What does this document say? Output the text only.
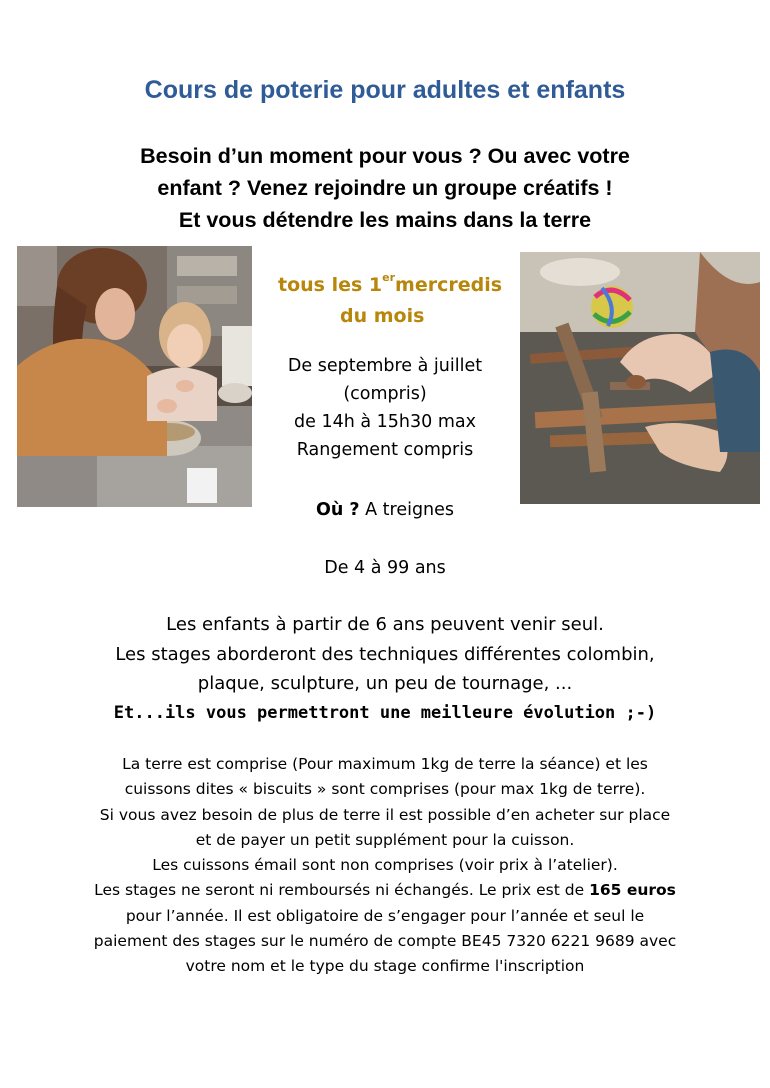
Cours de poterie pour adultes et enfants
Besoin d’un moment pour vous ? Ou avec votre
enfant ? Venez rejoindre un groupe créatifs !
Et vous détendre les mains dans la terre
tous les 1ermercredis
du mois
De septembre à juillet
(compris)
de 14h à 15h30 max
Rangement compris
Où ? A treignes
De 4 à 99 ans
Les enfants à partir de 6 ans peuvent venir seul.
Les stages aborderont des techniques différentes colombin,
plaque, sculpture, un peu de tournage, ...
Et...ils vous permettront une meilleure évolution ;-)
La terre est comprise (Pour maximum 1kg de terre la séance) et les
cuissons dites « biscuits » sont comprises (pour max 1kg de terre).
Si vous avez besoin de plus de terre il est possible d’en acheter sur place
et de payer un petit supplément pour la cuisson.
Les cuissons émail sont non comprises (voir prix à l’atelier).
Les stages ne seront ni remboursés ni échangés. Le prix est de 165 euros
pour l’année. Il est obligatoire de s’engager pour l’année et seul le
paiement des stages sur le numéro de compte BE45 7320 6221 9689 avec
votre nom et le type du stage confirme l'inscription
